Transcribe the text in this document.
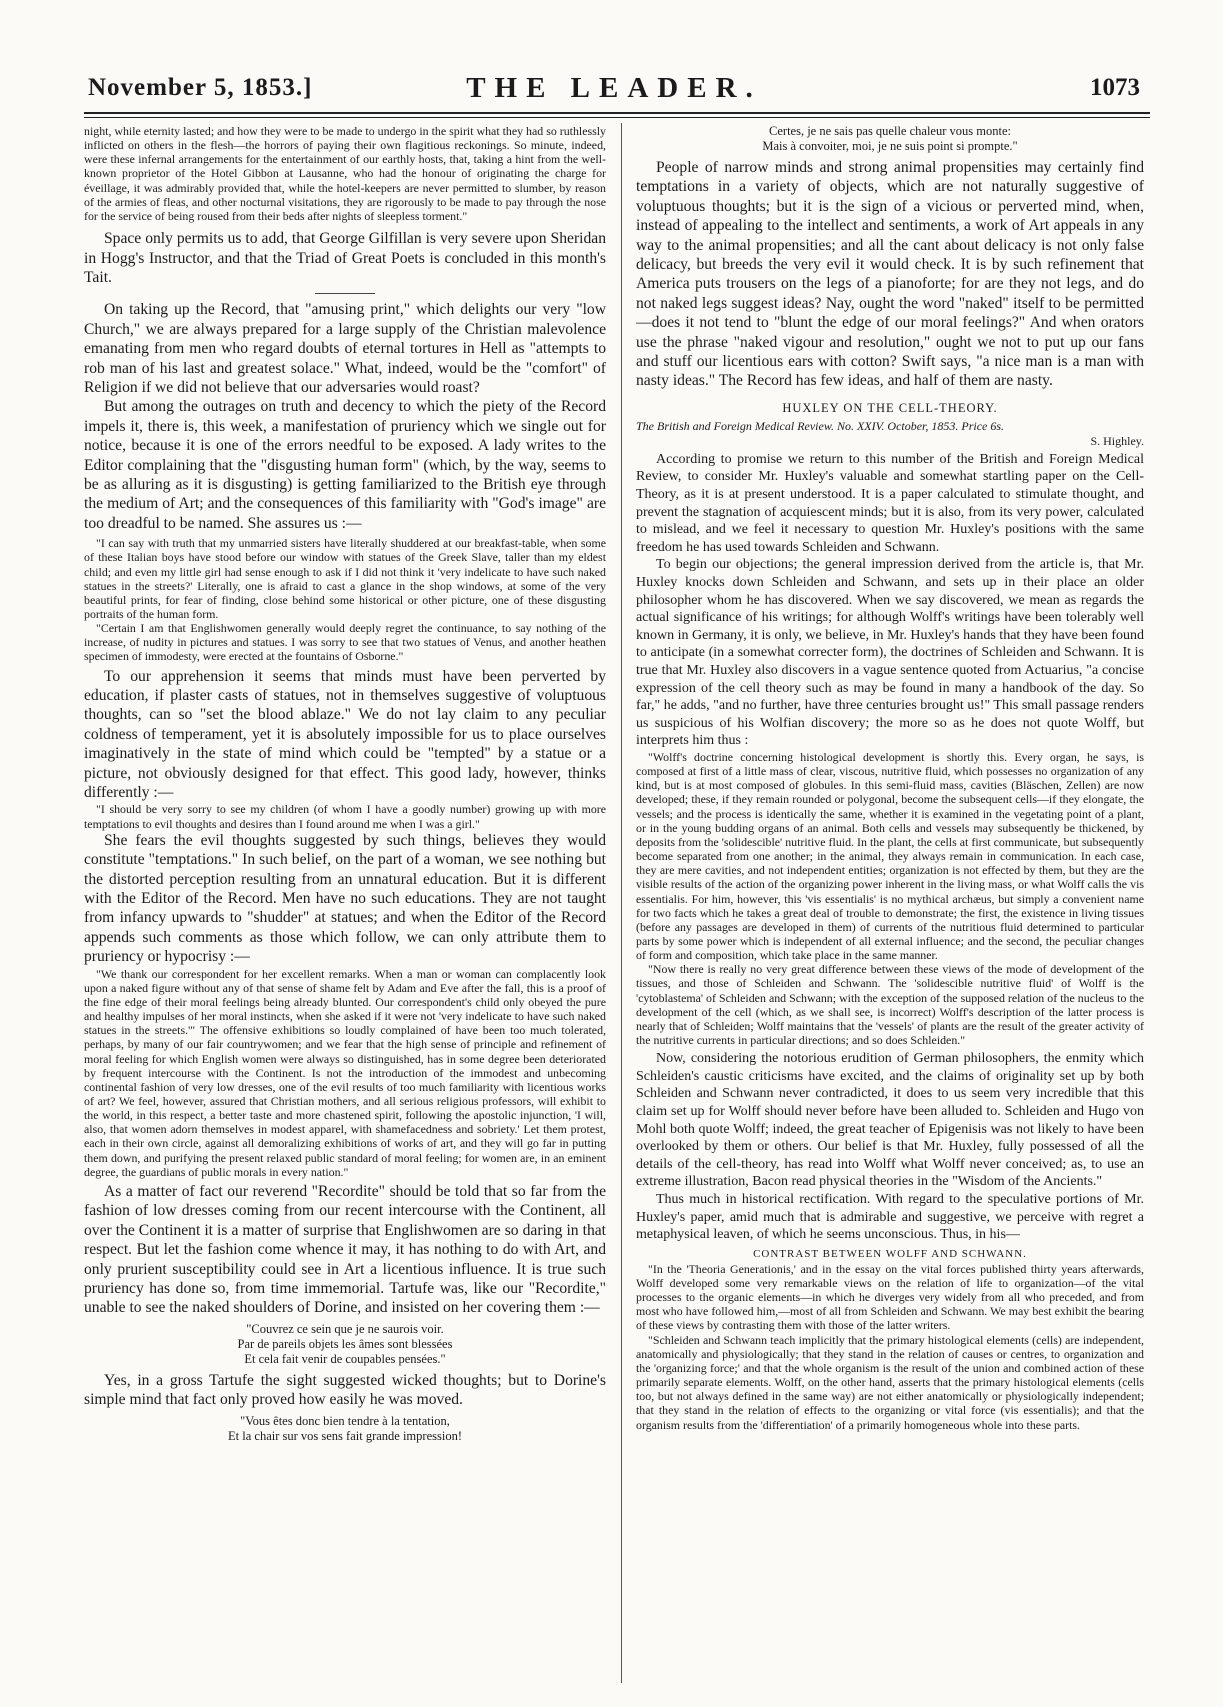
November 5, 1853.]	THE LEADER.	1073

night, while eternity lasted; and how they were to be made to undergo in the spirit what they had so ruthlessly inflicted on others in the flesh—the horrors of paying their own flagitious reckonings. So minute, indeed, were these infernal arrangements for the entertainment of our earthly hosts, that, taking a hint from the well-known proprietor of the Hotel Gibbon at Lausanne, who had the honour of originating the charge for éveillage, it was admirably provided that, while the hotel-keepers are never permitted to slumber, by reason of the armies of fleas, and other nocturnal visitations, they are rigorously to be made to pay through the nose for the service of being roused from their beds after nights of sleepless torment."

Space only permits us to add, that George Gilfillan is very severe upon Sheridan in Hogg's Instructor, and that the Triad of Great Poets is concluded in this month's Tait.

On taking up the Record, that "amusing print," which delights our very "low Church," we are always prepared for a large supply of the Christian malevolence emanating from men who regard doubts of eternal tortures in Hell as "attempts to rob man of his last and greatest solace." What, indeed, would be the "comfort" of Religion if we did not believe that our adversaries would roast?

But among the outrages on truth and decency to which the piety of the Record impels it, there is, this week, a manifestation of pruriency which we single out for notice, because it is one of the errors needful to be exposed. A lady writes to the Editor complaining that the "disgusting human form" (which, by the way, seems to be as alluring as it is disgusting) is getting familiarized to the British eye through the medium of Art; and the consequences of this familiarity with "God's image" are too dreadful to be named. She assures us :—

"I can say with truth that my unmarried sisters have literally shuddered at our breakfast-table, when some of these Italian boys have stood before our window with statues of the Greek Slave, taller than my eldest child; and even my little girl had sense enough to ask if I did not think it 'very indelicate to have such naked statues in the streets?' Literally, one is afraid to cast a glance in the shop windows, at some of the very beautiful prints, for fear of finding, close behind some historical or other picture, one of these disgusting portraits of the human form.

"Certain I am that Englishwomen generally would deeply regret the continuance, to say nothing of the increase, of nudity in pictures and statues. I was sorry to see that two statues of Venus, and another heathen specimen of immodesty, were erected at the fountains of Osborne."

To our apprehension it seems that minds must have been perverted by education, if plaster casts of statues, not in themselves suggestive of voluptuous thoughts, can so "set the blood ablaze." We do not lay claim to any peculiar coldness of temperament, yet it is absolutely impossible for us to place ourselves imaginatively in the state of mind which could be "tempted" by a statue or a picture, not obviously designed for that effect. This good lady, however, thinks differently :—

"I should be very sorry to see my children (of whom I have a goodly number) growing up with more temptations to evil thoughts and desires than I found around me when I was a girl."

She fears the evil thoughts suggested by such things, believes they would constitute "temptations." In such belief, on the part of a woman, we see nothing but the distorted perception resulting from an unnatural education. But it is different with the Editor of the Record. Men have no such educations. They are not taught from infancy upwards to "shudder" at statues; and when the Editor of the Record appends such comments as those which follow, we can only attribute them to pruriency or hypocrisy :—

"We thank our correspondent for her excellent remarks. When a man or woman can complacently look upon a naked figure without any of that sense of shame felt by Adam and Eve after the fall, this is a proof of the fine edge of their moral feelings being already blunted. Our correspondent's child only obeyed the pure and healthy impulses of her moral instincts, when she asked if it were not 'very indelicate to have such naked statues in the streets.'" The offensive exhibitions so loudly complained of have been too much tolerated, perhaps, by many of our fair countrywomen; and we fear that the high sense of principle and refinement of moral feeling for which English women were always so distinguished, has in some degree been deteriorated by frequent intercourse with the Continent. Is not the introduction of the immodest and unbecoming continental fashion of very low dresses, one of the evil results of too much familiarity with licentious works of art? We feel, however, assured that Christian mothers, and all serious religious professors, will exhibit to the world, in this respect, a better taste and more chastened spirit, following the apostolic injunction, 'I will, also, that women adorn themselves in modest apparel, with shamefacedness and sobriety.' Let them protest, each in their own circle, against all demoralizing exhibitions of works of art, and they will go far in putting them down, and purifying the present relaxed public standard of moral feeling; for women are, in an eminent degree, the guardians of public morals in every nation."

As a matter of fact our reverend "Recordite" should be told that so far from the fashion of low dresses coming from our recent intercourse with the Continent, all over the Continent it is a matter of surprise that Englishwomen are so daring in that respect. But let the fashion come whence it may, it has nothing to do with Art, and only prurient susceptibility could see in Art a licentious influence. It is true such pruriency has done so, from time immemorial. Tartufe was, like our "Recordite," unable to see the naked shoulders of Dorine, and insisted on her covering them :—

"Couvrez ce sein que je ne saurois voir.
Par de pareils objets les âmes sont blessées
Et cela fait venir de coupables pensées."

Yes, in a gross Tartufe the sight suggested wicked thoughts; but to Dorine's simple mind that fact only proved how easily he was moved.

"Vous êtes donc bien tendre à la tentation,
Et la chair sur vos sens fait grande impression!
Certes, je ne sais pas quelle chaleur vous monte:
Mais à convoiter, moi, je ne suis point si prompte."

People of narrow minds and strong animal propensities may certainly find temptations in a variety of objects, which are not naturally suggestive of voluptuous thoughts; but it is the sign of a vicious or perverted mind, when, instead of appealing to the intellect and sentiments, a work of Art appeals in any way to the animal propensities; and all the cant about delicacy is not only false delicacy, but breeds the very evil it would check. It is by such refinement that America puts trousers on the legs of a pianoforte; for are they not legs, and do not naked legs suggest ideas? Nay, ought the word "naked" itself to be permitted—does it not tend to "blunt the edge of our moral feelings?" And when orators use the phrase "naked vigour and resolution," ought we not to put up our fans and stuff our licentious ears with cotton? Swift says, "a nice man is a man with nasty ideas." The Record has few ideas, and half of them are nasty.

HUXLEY ON THE CELL-THEORY.

The British and Foreign Medical Review. No. XXIV. October, 1853. Price 6s.

S. Highley.

According to promise we return to this number of the British and Foreign Medical Review, to consider Mr. Huxley's valuable and somewhat startling paper on the Cell-Theory, as it is at present understood. It is a paper calculated to stimulate thought, and prevent the stagnation of acquiescent minds; but it is also, from its very power, calculated to mislead, and we feel it necessary to question Mr. Huxley's positions with the same freedom he has used towards Schleiden and Schwann.

To begin our objections; the general impression derived from the article is, that Mr. Huxley knocks down Schleiden and Schwann, and sets up in their place an older philosopher whom he has discovered. When we say discovered, we mean as regards the actual significance of his writings; for although Wolff's writings have been tolerably well known in Germany, it is only, we believe, in Mr. Huxley's hands that they have been found to anticipate (in a somewhat correcter form), the doctrines of Schleiden and Schwann. It is true that Mr. Huxley also discovers in a vague sentence quoted from Actuarius, "a concise expression of the cell theory such as may be found in many a handbook of the day. So far," he adds, "and no further, have three centuries brought us!" This small passage renders us suspicious of his Wolfian discovery; the more so as he does not quote Wolff, but interprets him thus :

"Wolff's doctrine concerning histological development is shortly this. Every organ, he says, is composed at first of a little mass of clear, viscous, nutritive fluid, which possesses no organization of any kind, but is at most composed of globules. In this semi-fluid mass, cavities (Bläschen, Zellen) are now developed; these, if they remain rounded or polygonal, become the subsequent cells—if they elongate, the vessels; and the process is identically the same, whether it is examined in the vegetating point of a plant, or in the young budding organs of an animal. Both cells and vessels may subsequently be thickened, by deposits from the 'solidescible' nutritive fluid. In the plant, the cells at first communicate, but subsequently become separated from one another; in the animal, they always remain in communication. In each case, they are mere cavities, and not independent entities; organization is not effected by them, but they are the visible results of the action of the organizing power inherent in the living mass, or what Wolff calls the vis essentialis. For him, however, this 'vis essentialis' is no mythical archæus, but simply a convenient name for two facts which he takes a great deal of trouble to demonstrate; the first, the existence in living tissues (before any passages are developed in them) of currents of the nutritious fluid determined to particular parts by some power which is independent of all external influence; and the second, the peculiar changes of form and composition, which take place in the same manner.

"Now there is really no very great difference between these views of the mode of development of the tissues, and those of Schleiden and Schwann. The 'solidescible nutritive fluid' of Wolff is the 'cytoblastema' of Schleiden and Schwann; with the exception of the supposed relation of the nucleus to the development of the cell (which, as we shall see, is incorrect) Wolff's description of the latter process is nearly that of Schleiden; Wolff maintains that the 'vessels' of plants are the result of the greater activity of the nutritive currents in particular directions; and so does Schleiden."

Now, considering the notorious erudition of German philosophers, the enmity which Schleiden's caustic criticisms have excited, and the claims of originality set up by both Schleiden and Schwann never contradicted, it does to us seem very incredible that this claim set up for Wolff should never before have been alluded to. Schleiden and Hugo von Mohl both quote Wolff; indeed, the great teacher of Epigenisis was not likely to have been overlooked by them or others. Our belief is that Mr. Huxley, fully possessed of all the details of the cell-theory, has read into Wolff what Wolff never conceived; as, to use an extreme illustration, Bacon read physical theories in the "Wisdom of the Ancients."

Thus much in historical rectification. With regard to the speculative portions of Mr. Huxley's paper, amid much that is admirable and suggestive, we perceive with regret a metaphysical leaven, of which he seems unconscious. Thus, in his—

CONTRAST BETWEEN WOLFF AND SCHWANN.

"In the 'Theoria Generationis,' and in the essay on the vital forces published thirty years afterwards, Wolff developed some very remarkable views on the relation of life to organization—of the vital processes to the organic elements—in which he diverges very widely from all who preceded, and from most who have followed him,—most of all from Schleiden and Schwann. We may best exhibit the bearing of these views by contrasting them with those of the latter writers.

"Schleiden and Schwann teach implicitly that the primary histological elements (cells) are independent, anatomically and physiologically; that they stand in the relation of causes or centres, to organization and the 'organizing force;' and that the whole organism is the result of the union and combined action of these primarily separate elements. Wolff, on the other hand, asserts that the primary histological elements (cells too, but not always defined in the same way) are not either anatomically or physiologically independent; that they stand in the relation of effects to the organizing or vital force (vis essentialis); and that the organism results from the 'differentiation' of a primarily homogeneous whole into these parts.
